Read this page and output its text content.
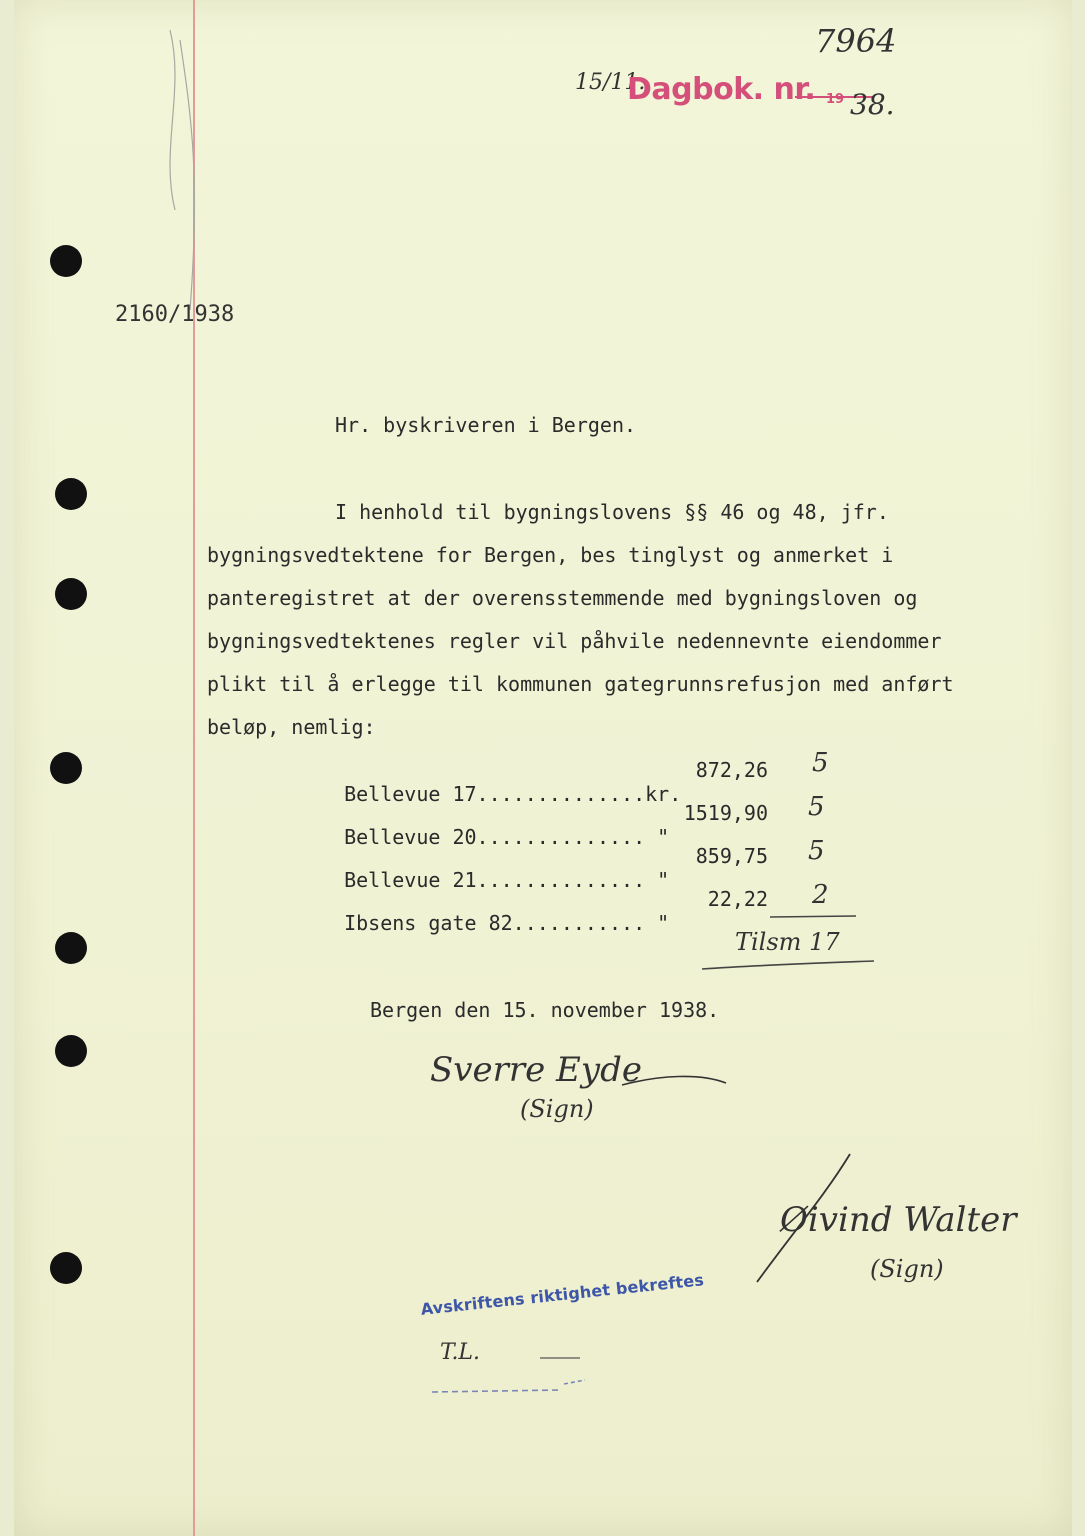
15/11.
Dagbok. nr.
7964
19 38.
2160/1938
Hr. byskriveren i Bergen.
I henhold til bygningslovens §§ 46 og 48, jfr.
bygningsvedtektene for Bergen, bes tinglyst og anmerket i
panteregistret at der overensstemmende med bygningsloven og
bygningsvedtektenes regler vil påhvile nedennevnte eiendommer
plikt til å erlegge til kommunen gategrunnsrefusjon med anført
beløp, nemlig:

Bellevue 17..............kr.

872,26 5

Bellevue 20.............. "

1519,90 5

Bellevue 21.............. "

859,75 5

Ibsens gate 82........... "

22,22 2
Tilsm 17
Bergen den 15. november 1938.
Sverre Eyde
(Sign)
Øivind Walter
(Sign)
Avskriftens riktighet bekreftes
T.L.
